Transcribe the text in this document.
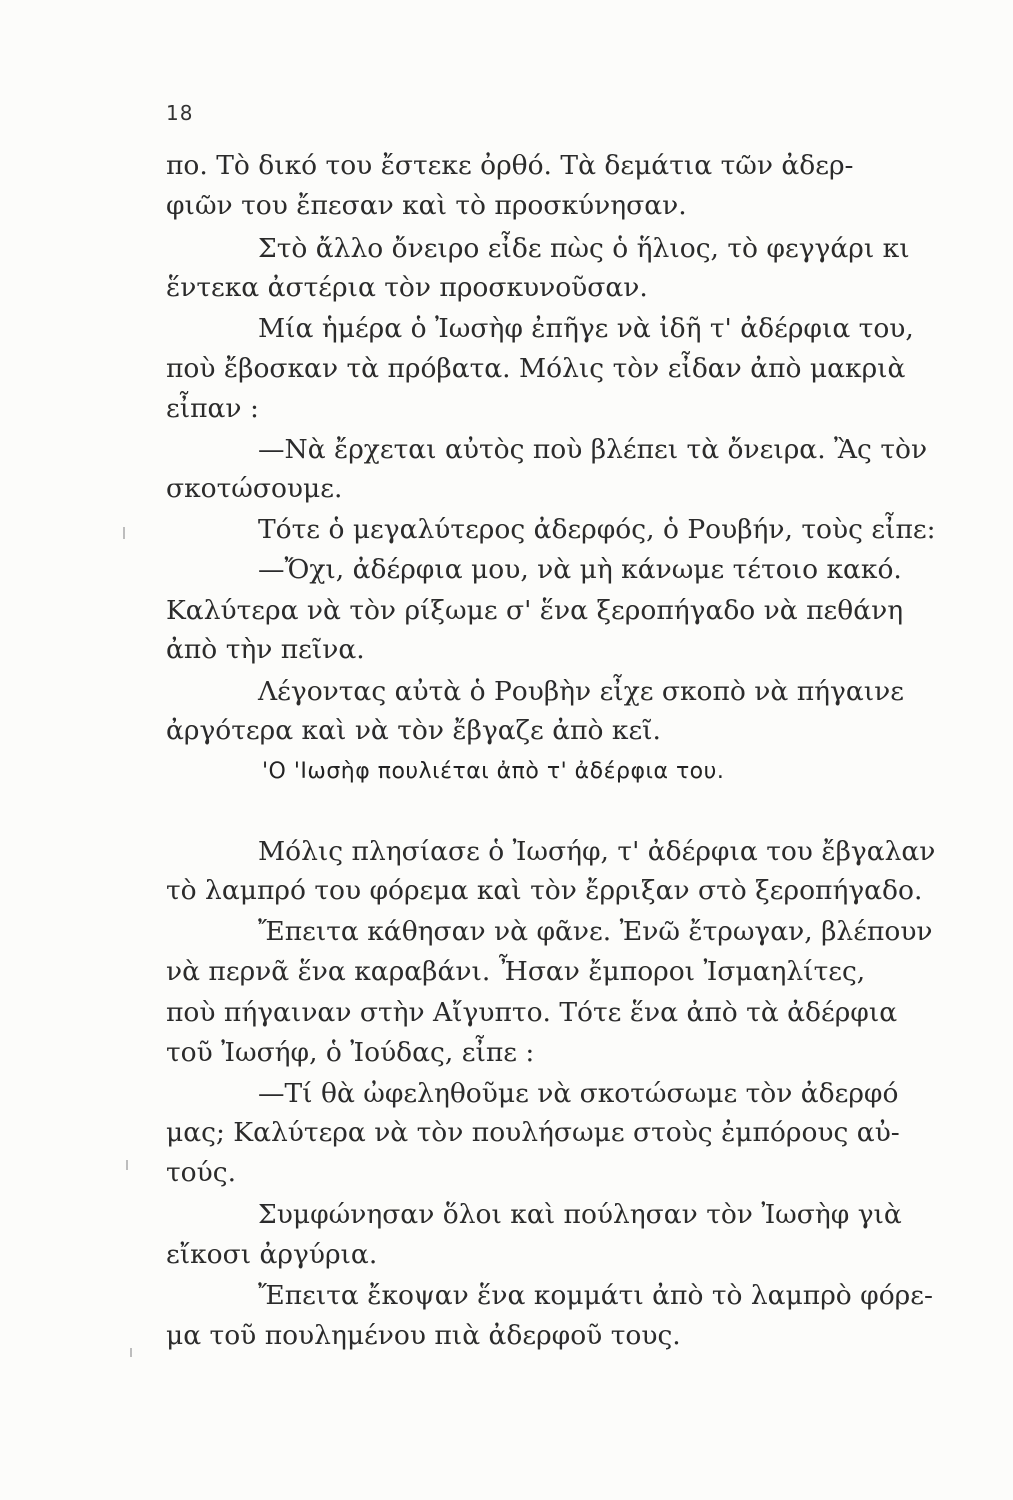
18
πο. Τὸ δικό του ἔστεκε ὀρθό. Τὰ δεμάτια τῶν ἀδερ-
φιῶν του ἔπεσαν καὶ τὸ προσκύνησαν.
Στὸ ἄλλο ὄνειρο εἶδε πὼς ὁ ἥλιος, τὸ φεγγάρι κι
ἕντεκα ἀστέρια τὸν προσκυνοῦσαν.
Μία ἡμέρα ὁ Ἰωσὴφ ἐπῆγε νὰ ἰδῆ τ' ἀδέρφια του,
ποὺ ἔβοσκαν τὰ πρόβατα. Μόλις τὸν εἶδαν ἀπὸ μακριὰ
εἶπαν :
—Νὰ ἔρχεται αὐτὸς ποὺ βλέπει τὰ ὄνειρα. Ἂς τὸν
σκοτώσουμε.
Τότε ὁ μεγαλύτερος ἀδερφός, ὁ Ρουβήν, τοὺς εἶπε:
—Ὄχι, ἀδέρφια μου, νὰ μὴ κάνωμε τέτοιο κακό.
Καλύτερα νὰ τὸν ρίξωμε σ' ἕνα ξεροπήγαδο νὰ πεθάνη
ἀπὸ τὴν πεῖνα.
Λέγοντας αὐτὰ ὁ Ρουβὴν εἶχε σκοπὸ νὰ πήγαινε
ἀργότερα καὶ νὰ τὸν ἔβγαζε ἀπὸ κεῖ.
'Ο 'Ιωσὴφ πουλιέται ἀπὸ τ' ἀδέρφια του.
Μόλις πλησίασε ὁ Ἰωσήφ, τ' ἀδέρφια του ἔβγαλαν
τὸ λαμπρό του φόρεμα καὶ τὸν ἔρριξαν στὸ ξεροπήγαδο.
Ἔπειτα κάθησαν νὰ φᾶνε. Ἐνῶ ἔτρωγαν, βλέπουν
νὰ περνᾶ ἕνα καραβάνι. Ἦσαν ἔμποροι Ἰσμαηλίτες,
ποὺ πήγαιναν στὴν Αἴγυπτο. Τότε ἕνα ἀπὸ τὰ ἀδέρφια
τοῦ Ἰωσήφ, ὁ Ἰούδας, εἶπε :
—Τί θὰ ὠφεληθοῦμε νὰ σκοτώσωμε τὸν ἀδερφό
μας; Καλύτερα νὰ τὸν πουλήσωμε στοὺς ἐμπόρους αὐ-
τούς.
Συμφώνησαν ὅλοι καὶ πούλησαν τὸν Ἰωσὴφ γιὰ
εἴκοσι ἀργύρια.
Ἔπειτα ἔκοψαν ἕνα κομμάτι ἀπὸ τὸ λαμπρὸ φόρε-
μα τοῦ πουλημένου πιὰ ἀδερφοῦ τους.
